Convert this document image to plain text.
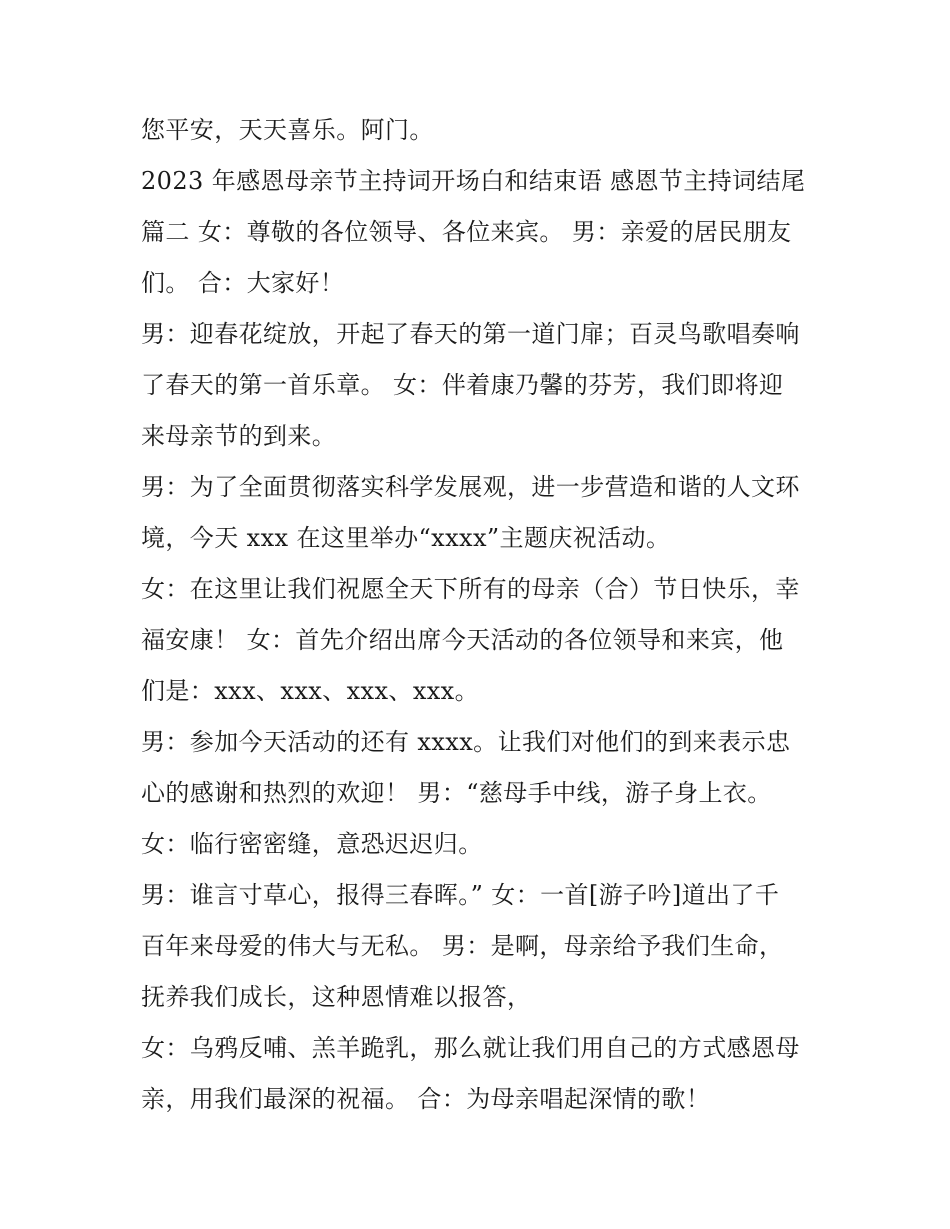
您平安，天天喜乐。阿门。
2023 年感恩母亲节主持词开场白和结束语 感恩节主持词结尾
篇二 女：尊敬的各位领导、各位来宾。 男：亲爱的居民朋友
们。 合：大家好！
男：迎春花绽放，开起了春天的第一道门扉；百灵鸟歌唱奏响
了春天的第一首乐章。 女：伴着康乃馨的芬芳，我们即将迎
来母亲节的到来。
男：为了全面贯彻落实科学发展观，进一步营造和谐的人文环
境，今天 xxx 在这里举办“xxxx”主题庆祝活动。
女：在这里让我们祝愿全天下所有的母亲（合）节日快乐，幸
福安康！ 女：首先介绍出席今天活动的各位领导和来宾，他
们是：xxx、xxx、xxx、xxx。
男：参加今天活动的还有 xxxx。让我们对他们的到来表示忠
心的感谢和热烈的欢迎！ 男：“慈母手中线，游子身上衣。
女：临行密密缝，意恐迟迟归。
男：谁言寸草心，报得三春晖。” 女：一首[游子吟]道出了千
百年来母爱的伟大与无私。 男：是啊，母亲给予我们生命，
抚养我们成长，这种恩情难以报答，
女：乌鸦反哺、羔羊跪乳，那么就让我们用自己的方式感恩母
亲，用我们最深的祝福。 合：为母亲唱起深情的歌！
